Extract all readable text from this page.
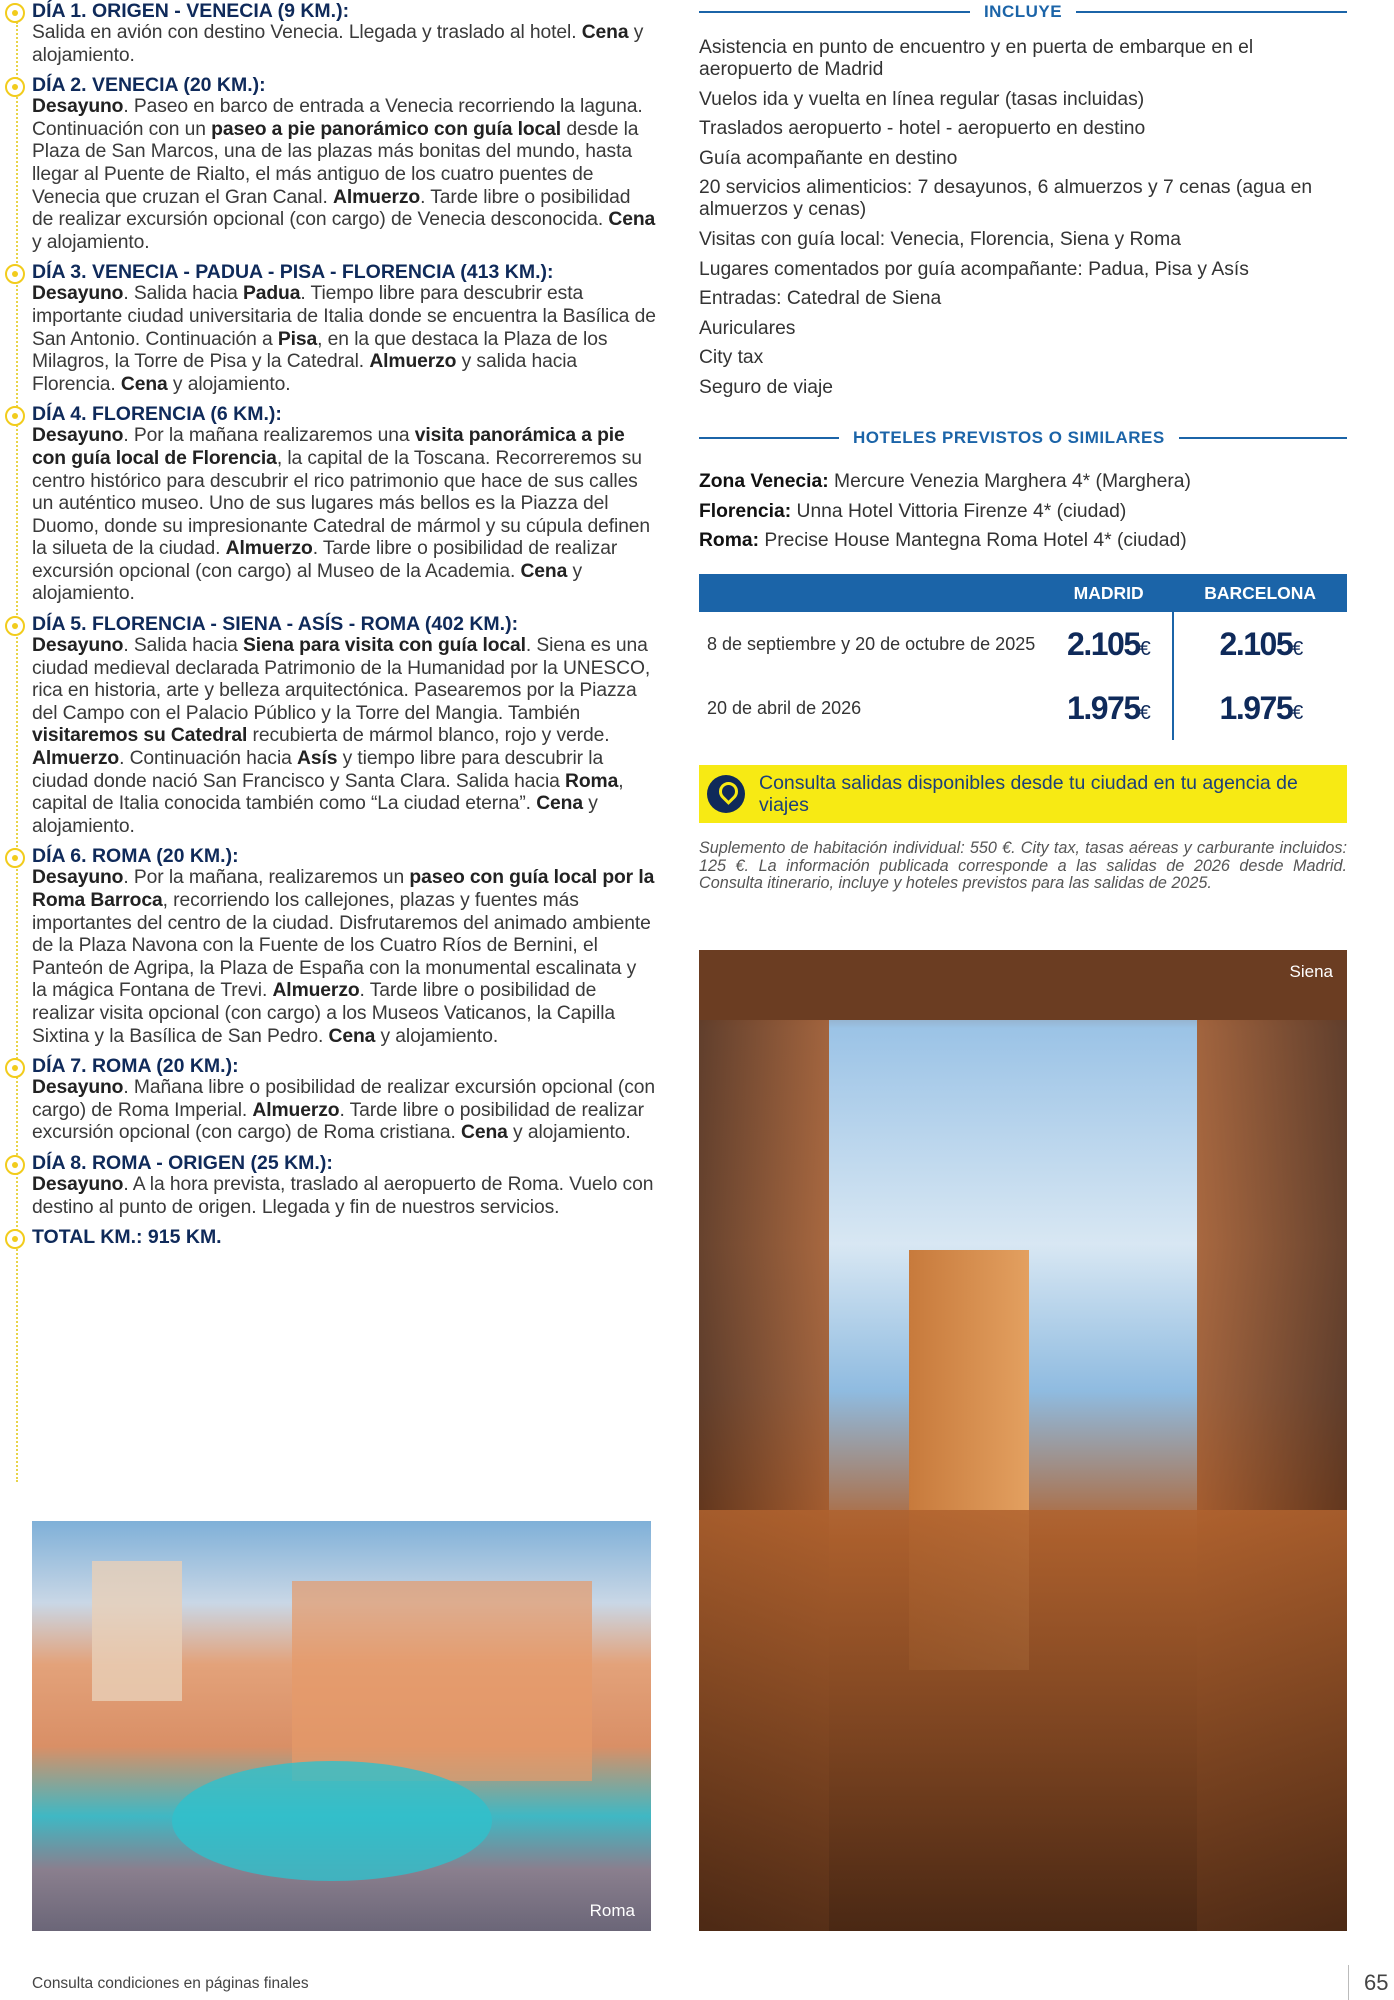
DÍA 1. ORIGEN - VENECIA (9 KM.):

Salida en avión con destino Venecia. Llegada y traslado al hotel. Cena y alojamiento.

DÍA 2. VENECIA (20 KM.):

Desayuno. Paseo en barco de entrada a Venecia recorriendo la laguna. Continuación con un paseo a pie panorámico con guía local desde la Plaza de San Marcos, una de las plazas más bonitas del mundo, hasta llegar al Puente de Rialto, el más antiguo de los cuatro puentes de Venecia que cruzan el Gran Canal. Almuerzo. Tarde libre o posibilidad de realizar excursión opcional (con cargo) de Venecia desconocida. Cena y alojamiento.

DÍA 3. VENECIA - PADUA - PISA - FLORENCIA (413 KM.):

Desayuno. Salida hacia Padua. Tiempo libre para descubrir esta importante ciudad universitaria de Italia donde se encuentra la Basílica de San Antonio. Continuación a Pisa, en la que destaca la Plaza de los Milagros, la Torre de Pisa y la Catedral. Almuerzo y salida hacia Florencia. Cena y alojamiento.

DÍA 4. FLORENCIA (6 KM.):

Desayuno. Por la mañana realizaremos una visita panorámica a pie con guía local de Florencia, la capital de la Toscana. Recorreremos su centro histórico para descubrir el rico patrimonio que hace de sus calles un auténtico museo. Uno de sus lugares más bellos es la Piazza del Duomo, donde su impresionante Catedral de mármol y su cúpula definen la silueta de la ciudad. Almuerzo. Tarde libre o posibilidad de realizar excursión opcional (con cargo) al Museo de la Academia. Cena y alojamiento.

DÍA 5. FLORENCIA - SIENA - ASÍS - ROMA (402 KM.):

Desayuno. Salida hacia Siena para visita con guía local. Siena es una ciudad medieval declarada Patrimonio de la Humanidad por la UNESCO, rica en historia, arte y belleza arquitectónica. Pasearemos por la Piazza del Campo con el Palacio Público y la Torre del Mangia. También visitaremos su Catedral recubierta de mármol blanco, rojo y verde. Almuerzo. Continuación hacia Asís y tiempo libre para descubrir la ciudad donde nació San Francisco y Santa Clara. Salida hacia Roma, capital de Italia conocida también como “La ciudad eterna”. Cena y alojamiento.

DÍA 6. ROMA (20 KM.):

Desayuno. Por la mañana, realizaremos un paseo con guía local por la Roma Barroca, recorriendo los callejones, plazas y fuentes más importantes del centro de la ciudad. Disfrutaremos del animado ambiente de la Plaza Navona con la Fuente de los Cuatro Ríos de Bernini, el Panteón de Agripa, la Plaza de España con la monumental escalinata y la mágica Fontana de Trevi. Almuerzo. Tarde libre o posibilidad de realizar visita opcional (con cargo) a los Museos Vaticanos, la Capilla Sixtina y la Basílica de San Pedro. Cena y alojamiento.

DÍA 7. ROMA (20 KM.):

Desayuno. Mañana libre o posibilidad de realizar excursión opcional (con cargo) de Roma Imperial. Almuerzo. Tarde libre o posibilidad de realizar excursión opcional (con cargo) de Roma cristiana. Cena y alojamiento.

DÍA 8. ROMA - ORIGEN (25 KM.):

Desayuno. A la hora prevista, traslado al aeropuerto de Roma. Vuelo con destino al punto de origen. Llegada y fin de nuestros servicios.

TOTAL KM.: 915 KM.
Roma
INCLUYE
Asistencia en punto de encuentro y en puerta de embarque en el aeropuerto de Madrid
Vuelos ida y vuelta en línea regular (tasas incluidas)
Traslados aeropuerto - hotel - aeropuerto en destino
Guía acompañante en destino
20 servicios alimenticios: 7 desayunos, 6 almuerzos y 7 cenas (agua en almuerzos y cenas)
Visitas con guía local: Venecia, Florencia, Siena y Roma
Lugares comentados por guía acompañante: Padua, Pisa y Asís
Entradas: Catedral de Siena
Auriculares
City tax
Seguro de viaje
HOTELES PREVISTOS O SIMILARES
Zona Venecia: Mercure Venezia Marghera 4* (Marghera)
Florencia: Unna Hotel Vittoria Firenze 4* (ciudad)
Roma: Precise House Mantegna Roma Hotel 4* (ciudad)
	MADRID	BARCELONA
8 de septiembre y 20 de octubre de 2025	2.105€	2.105€
20 de abril de 2026	1.975€	1.975€
Consulta salidas disponibles desde tu ciudad en tu agencia de viajes

Suplemento de habitación individual: 550 €. City tax, tasas aéreas y carburante incluidos: 125 €. La información publicada corresponde a las salidas de 2026 desde Madrid. Consulta itinerario, incluye y hoteles previstos para las salidas de 2025.

Siena
Consulta condiciones en páginas finales	65
